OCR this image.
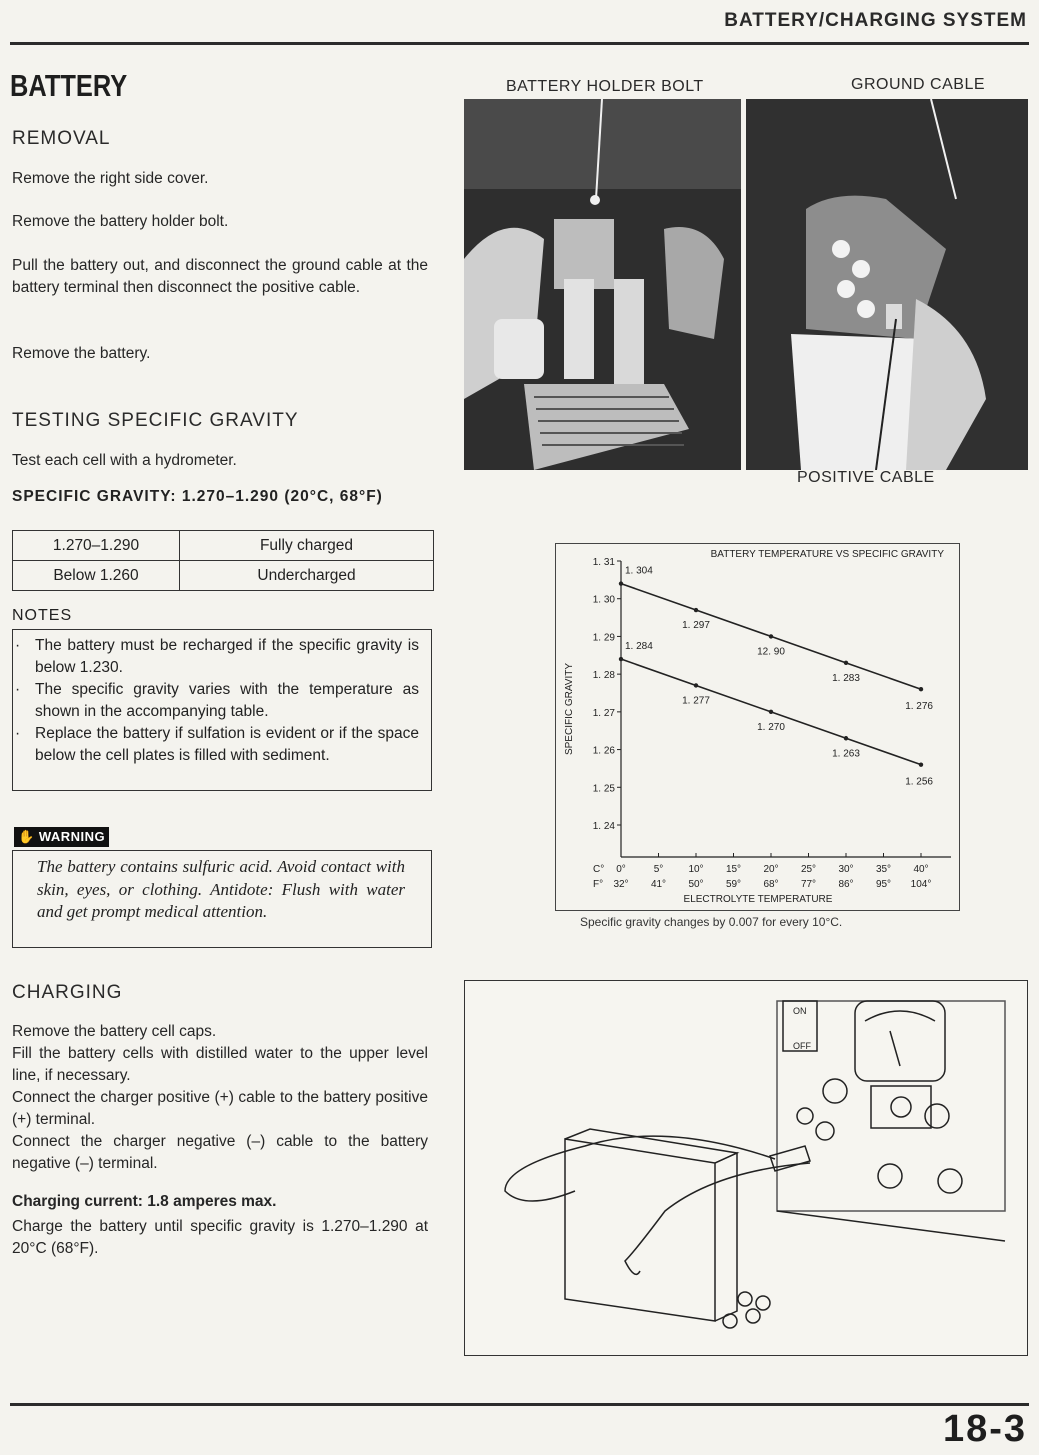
BATTERY/CHARGING SYSTEM
BATTERY
REMOVAL
Remove the right side cover.
Remove the battery holder bolt.
Pull the battery out, and disconnect the ground cable at the battery terminal then disconnect the positive cable.
Remove the battery.
TESTING SPECIFIC GRAVITY
Test each cell with a hydrometer.
SPECIFIC GRAVITY: 1.270–1.290 (20°C, 68°F)
1.270–1.290	Fully charged
Below 1.260	Undercharged
NOTES
· The battery must be recharged if the specific gravity is below 1.230.
· The specific gravity varies with the temperature as shown in the accompanying table.
· Replace the battery if sulfation is evident or if the space below the cell plates is filled with sediment.
✋ WARNING
The battery contains sulfuric acid. Avoid contact with skin, eyes, or clothing. Antidote: Flush with water and get prompt medical attention.
CHARGING
Remove the battery cell caps.
Fill the battery cells with distilled water to the upper level line, if necessary.
Connect the charger positive (+) cable to the battery positive (+) terminal.
Connect the charger negative (–) cable to the battery negative (–) terminal.
Charging current: 1.8 amperes max.
Charge the battery until specific gravity is 1.270–1.290 at 20°C (68°F).
BATTERY HOLDER BOLT	GROUND CABLE
POSITIVE CABLE
BATTERY TEMPERATURE VS SPECIFIC GRAVITY
1. 31
1. 30
1. 29
1. 28
1. 27
1. 26
1. 25
1. 24
SPECIFIC GRAVITY
0°
32°
5°
41°
10°
50°
15°
59°
20°
68°
25°
77°
30°
86°
35°
95°
40°
104°
C°
F°
ELECTROLYTE TEMPERATURE
1. 304
1. 297
12. 90
1. 283
1. 276
1. 284
1. 277
1. 270
1. 263
1. 256
Specific gravity changes by 0.007 for every 10°C.
ON
OFF
18-3
